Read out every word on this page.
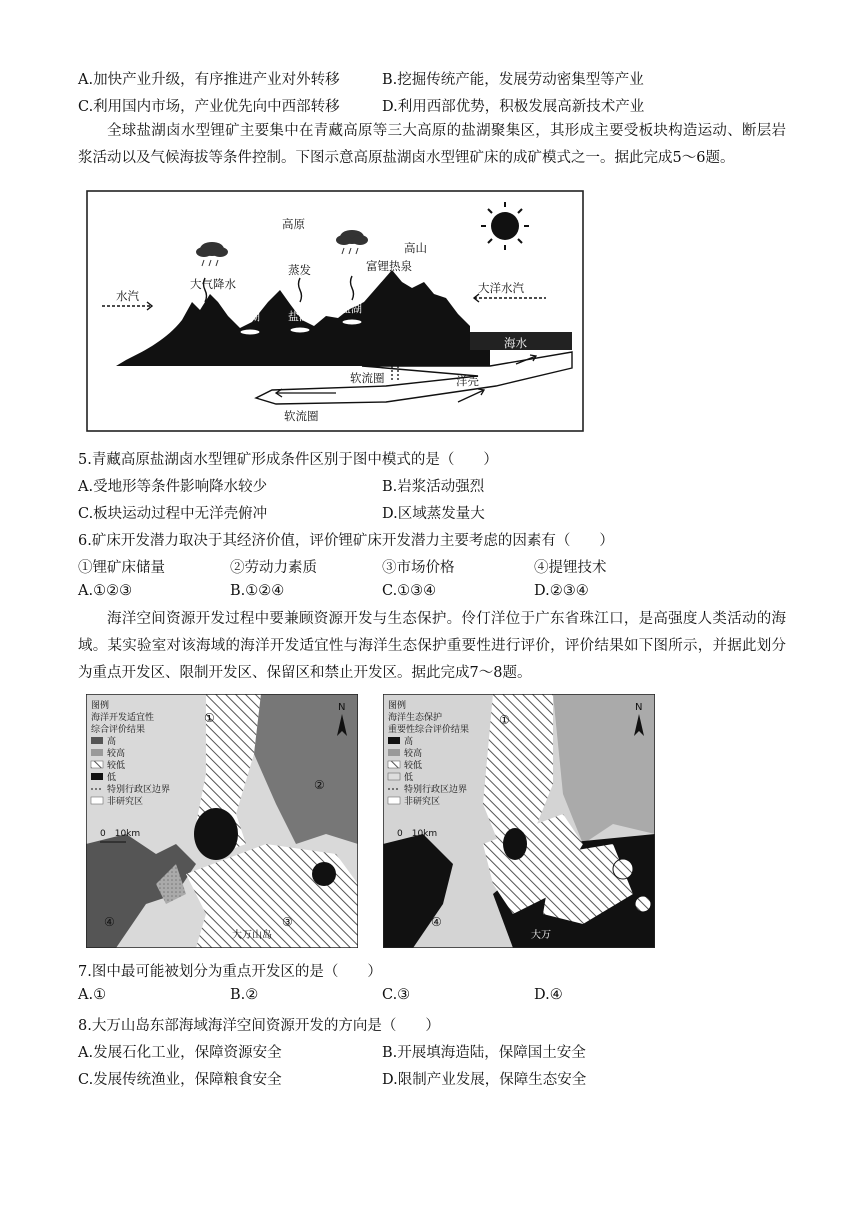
A.加快产业升级，有序推进产业对外转移	B.挖掘传统产能，发展劳动密集型等产业
C.利用国内市场，产业优先向中西部转移	D.利用西部优势，积极发展高新技术产业
全球盐湖卤水型锂矿主要集中在青藏高原等三大高原的盐湖聚集区，其形成主要受板块构造运动、断层岩浆活动以及气候海拔等条件控制。下图示意高原盐湖卤水型锂矿床的成矿模式之一。据此完成5～6题。
高原
高山
大气降水
蒸发	富锂热泉
水汽
大洋水汽
盐湖	盐湖
盐湖
海水
软流圈	洋壳
软流圈
5.青藏高原盐湖卤水型锂矿形成条件区别于图中模式的是（　　）
A.受地形等条件影响降水较少	B.岩浆活动强烈
C.板块运动过程中无洋壳俯冲	D.区域蒸发量大
6.矿床开发潜力取决于其经济价值，评价锂矿床开发潜力主要考虑的因素有（　　）
①锂矿床储量	②劳动力素质	③市场价格	④提锂技术
A.①②③	B.①②④	C.①③④	D.②③④
海洋空间资源开发过程中要兼顾资源开发与生态保护。伶仃洋位于广东省珠江口，是高强度人类活动的海域。某实验室对该海域的海洋开发适宜性与海洋生态保护重要性进行评价，评价结果如下图所示，并据此划分为重点开发区、限制开发区、保留区和禁止开发区。据此完成7～8题。
图例
海洋开发适宜性
综合评价结果
高
较高
较低
低
特别行政区边界
非研究区
0　10km
N
①
②
③
④
大万山岛
图例
海洋生态保护
重要性综合评价结果
高
较高
较低
低
特别行政区边界
非研究区
0　10km
N
①
④
大万
7.图中最可能被划分为重点开发区的是（　　）
A.①	B.②	C.③	D.④
8.大万山岛东部海域海洋空间资源开发的方向是（　　）
A.发展石化工业，保障资源安全	B.开展填海造陆，保障国土安全
C.发展传统渔业，保障粮食安全	D.限制产业发展，保障生态安全
